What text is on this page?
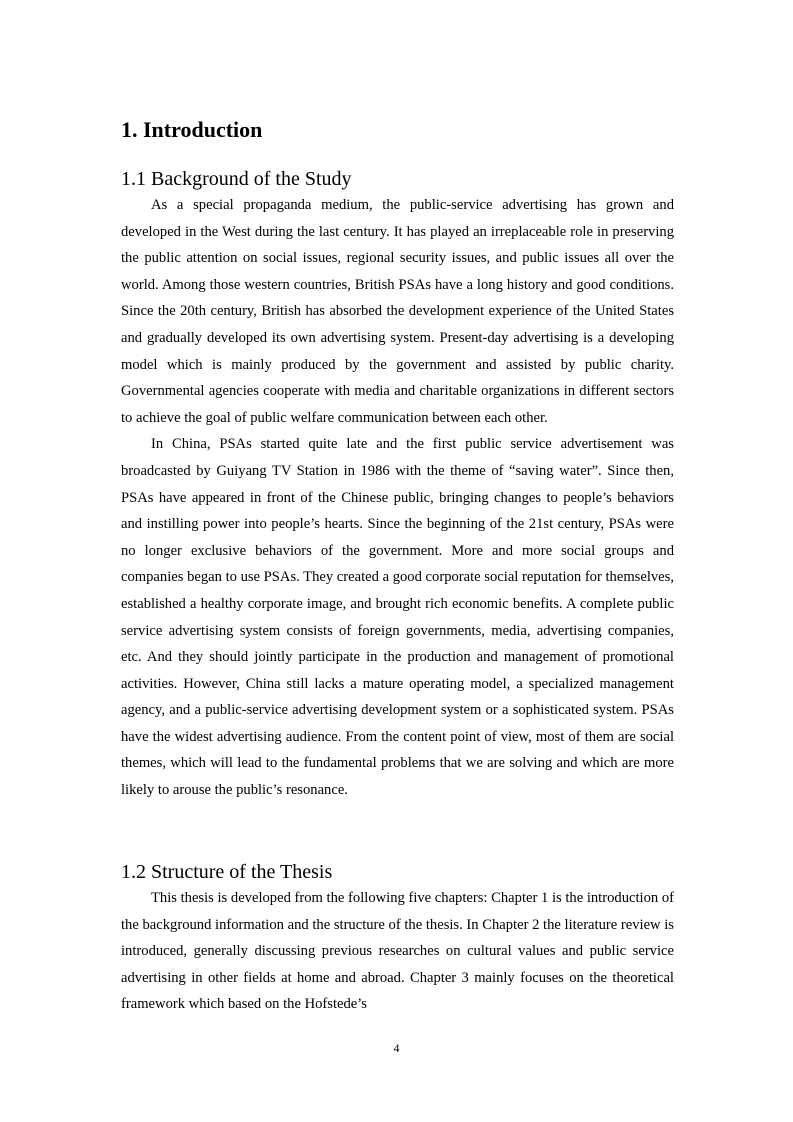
1. Introduction
1.1 Background of the Study

As a special propaganda medium, the public-service advertising has grown and developed in the West during the last century. It has played an irreplaceable role in preserving the public attention on social issues, regional security issues, and public issues all over the world. Among those western countries, British PSAs have a long history and good conditions. Since the 20th century, British has absorbed the development experience of the United States and gradually developed its own advertising system. Present-day advertising is a developing model which is mainly produced by the government and assisted by public charity. Governmental agencies cooperate with media and charitable organizations in different sectors to achieve the goal of public welfare communication between each other.

In China, PSAs started quite late and the first public service advertisement was broadcasted by Guiyang TV Station in 1986 with the theme of “saving water”. Since then, PSAs have appeared in front of the Chinese public, bringing changes to people’s behaviors and instilling power into people’s hearts. Since the beginning of the 21st century, PSAs were no longer exclusive behaviors of the government. More and more social groups and companies began to use PSAs. They created a good corporate social reputation for themselves, established a healthy corporate image, and brought rich economic benefits. A complete public service advertising system consists of foreign governments, media, advertising companies, etc. And they should jointly participate in the production and management of promotional activities. However, China still lacks a mature operating model, a specialized management agency, and a public-service advertising development system or a sophisticated system. PSAs have the widest advertising audience. From the content point of view, most of them are social themes, which will lead to the fundamental problems that we are solving and which are more likely to arouse the public’s resonance.

1.2 Structure of the Thesis

This thesis is developed from the following five chapters: Chapter 1 is the introduction of the background information and the structure of the thesis. In Chapter 2 the literature review is introduced, generally discussing previous researches on cultural values and public service advertising in other fields at home and abroad. Chapter 3 mainly focuses on the theoretical framework which based on the Hofstede’s

4
